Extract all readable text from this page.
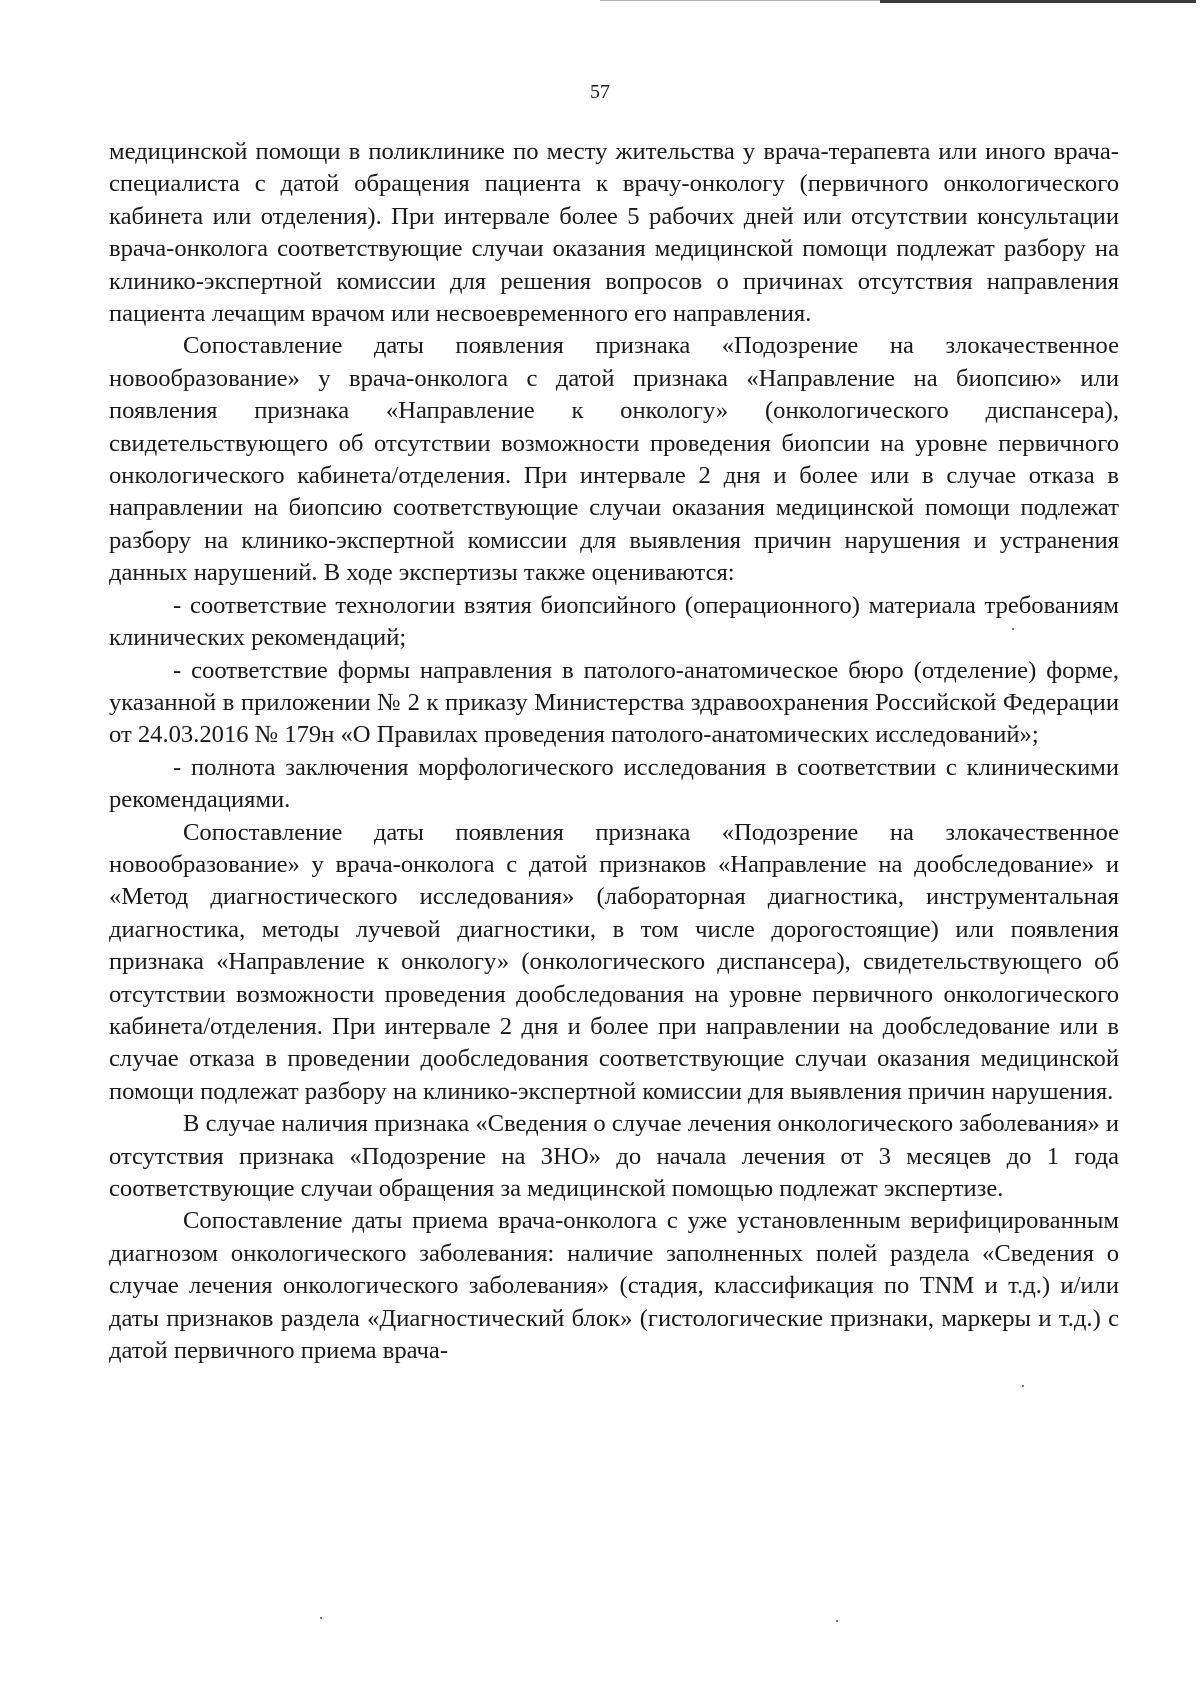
57

медицинской помощи в поликлинике по месту жительства у врача-терапевта или иного врача-специалиста с датой обращения пациента к врачу-онкологу (первичного онкологического кабинета или отделения). При интервале более 5 рабочих дней или отсутствии консультации врача-онколога соответствующие случаи оказания медицинской помощи подлежат разбору на клинико-экспертной комиссии для решения вопросов о причинах отсутствия направления пациента лечащим врачом или несвоевременного его направления.

Сопоставление даты появления признака «Подозрение на злокачественное новообразование» у врача-онколога с датой признака «Направление на биопсию» или появления признака «Направление к онкологу» (онкологического диспансера), свидетельствующего об отсутствии возможности проведения биопсии на уровне первичного онкологического кабинета/отделения. При интервале 2 дня и более или в случае отказа в направлении на биопсию соответствующие случаи оказания медицинской помощи подлежат разбору на клинико-экспертной комиссии для выявления причин нарушения и устранения данных нарушений. В ходе экспертизы также оцениваются:

- соответствие технологии взятия биопсийного (операционного) материала требованиям клинических рекомендаций;

- соответствие формы направления в патолого-анатомическое бюро (отделение) форме, указанной в приложении № 2 к приказу Министерства здравоохранения Российской Федерации от 24.03.2016 № 179н «О Правилах проведения патолого-анатомических исследований»;

- полнота заключения морфологического исследования в соответствии с клиническими рекомендациями.

Сопоставление даты появления признака «Подозрение на злокачественное новообразование» у врача-онколога с датой признаков «Направление на дообследование» и «Метод диагностического исследования» (лабораторная диагностика, инструментальная диагностика, методы лучевой диагностики, в том числе дорогостоящие) или появления признака «Направление к онкологу» (онкологического диспансера), свидетельствующего об отсутствии возможности проведения дообследования на уровне первичного онкологического кабинета/отделения. При интервале 2 дня и более при направлении на дообследование или в случае отказа в проведении дообследования соответствующие случаи оказания медицинской помощи подлежат разбору на клинико-экспертной комиссии для выявления причин нарушения.

В случае наличия признака «Сведения о случае лечения онкологического заболевания» и отсутствия признака «Подозрение на ЗНО» до начала лечения от 3 месяцев до 1 года соответствующие случаи обращения за медицинской помощью подлежат экспертизе.

Сопоставление даты приема врача-онколога с уже установленным верифицированным диагнозом онкологического заболевания: наличие заполненных полей раздела «Сведения о случае лечения онкологического заболевания» (стадия, классификация по TNM и т.д.) и/или даты признаков раздела «Диагностический блок» (гистологические признаки, маркеры и т.д.) с датой первичного приема врача-
